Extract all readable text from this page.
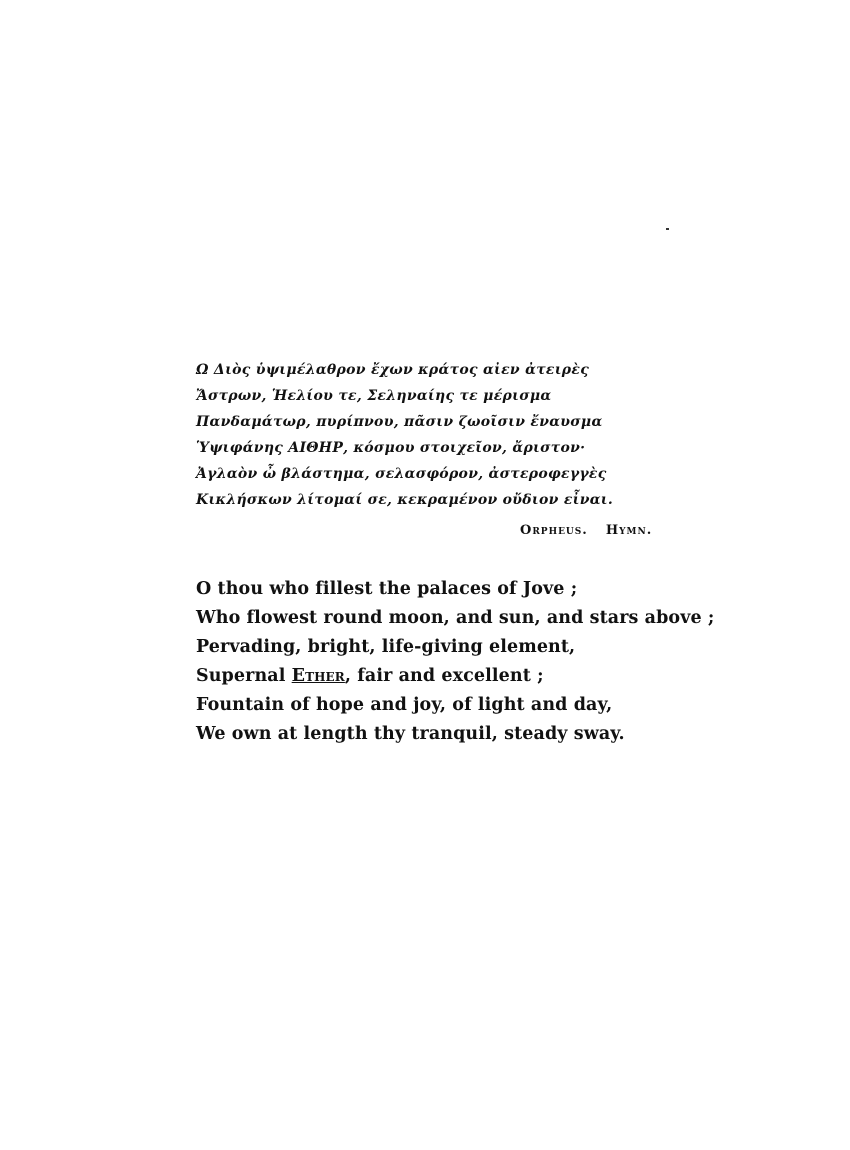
Ω Διὸς ὑψιμέλαθρον ἔχων κράτος αἰεν ἀτειρὲς
Ἄστρων, Ἡελίου τε, Σεληναίης τε μέρισμα
Πανδαμάτωρ, πυρίπνου, πᾶσιν ζωοῖσιν ἔναυσμα
Ὑψιφάνης ΑΙΘΗΡ, κόσμου στοιχεῖον, ἄριστον·
Ἀγλαὸν ὦ βλάστημα, σελασφόρον, ἀστεροφεγγὲς
Κικλήσκων λίτομαί σε, κεκραμένον οὔδιον εἶναι.
Orpheus. Hymn.
O thou who fillest the palaces of Jove ;
Who flowest round moon, and sun, and stars above ;
Pervading, bright, life-giving element,
Supernal Ether, fair and excellent ;
Fountain of hope and joy, of light and day,
We own at length thy tranquil, steady sway.
